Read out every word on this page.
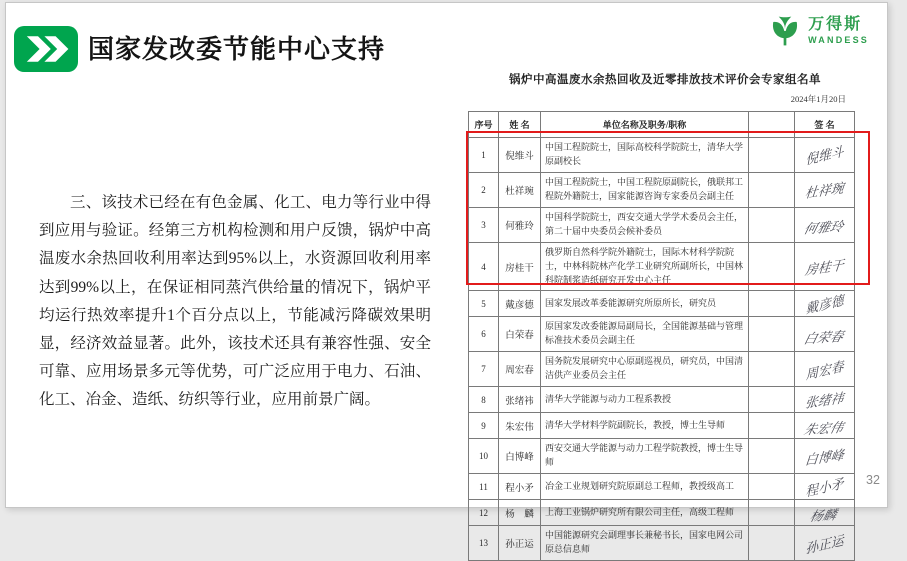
国家发改委节能中心支持
万得斯
WANDESS
三、该技术已经在有色金属、化工、电力等行业中得到应用与验证。经第三方机构检测和用户反馈，锅炉中高温废水余热回收利用率达到95%以上，水资源回收利用率达到99%以上，在保证相同蒸汽供给量的情况下，锅炉平均运行热效率提升1个百分点以上，节能减污降碳效果明显，经济效益显著。此外，该技术还具有兼容性强、安全可靠、应用场景多元等优势，可广泛应用于电力、石油、化工、冶金、造纸、纺织等行业，应用前景广阔。
锅炉中高温废水余热回收及近零排放技术评价会专家组名单
2024年1月20日
序号	姓 名	单位名称及职务/职称		签 名
1	倪维斗	中国工程院院士，国际高校科学院院士，清华大学原副校长		倪维斗
2	杜祥琬	中国工程院院士，中国工程院原副院长，俄联邦工程院外籍院士，国家能源咨询专家委员会副主任		杜祥琬
3	何雅玲	中国科学院院士，西安交通大学学术委员会主任，第二十届中央委员会候补委员		何雅玲
4	房桂干	俄罗斯自然科学院外籍院士，国际木材科学院院士，中林科院林产化学工业研究所副所长，中国林科院制浆造纸研究开发中心主任		房桂干
5	戴彦德	国家发展改革委能源研究所原所长，研究员		戴彦德
6	白荣春	原国家发改委能源局副局长，全国能源基础与管理标准技术委员会副主任		白荣春
7	周宏春	国务院发展研究中心原副巡视员，研究员，中国清洁供产业委员会主任		周宏春
8	张绪祎	清华大学能源与动力工程系教授		张绪祎
9	朱宏伟	清华大学材料学院副院长，教授，博士生导师		朱宏伟
10	白博峰	西安交通大学能源与动力工程学院教授，博士生导师		白博峰
11	程小矛	冶金工业规划研究院原副总工程师，教授级高工		程小矛
12	杨　麟	上海工业锅炉研究所有限公司主任，高级工程师		杨麟
13	孙正运	中国能源研究会副理事长兼秘书长，国家电网公司原总信息师		孙正运
32
